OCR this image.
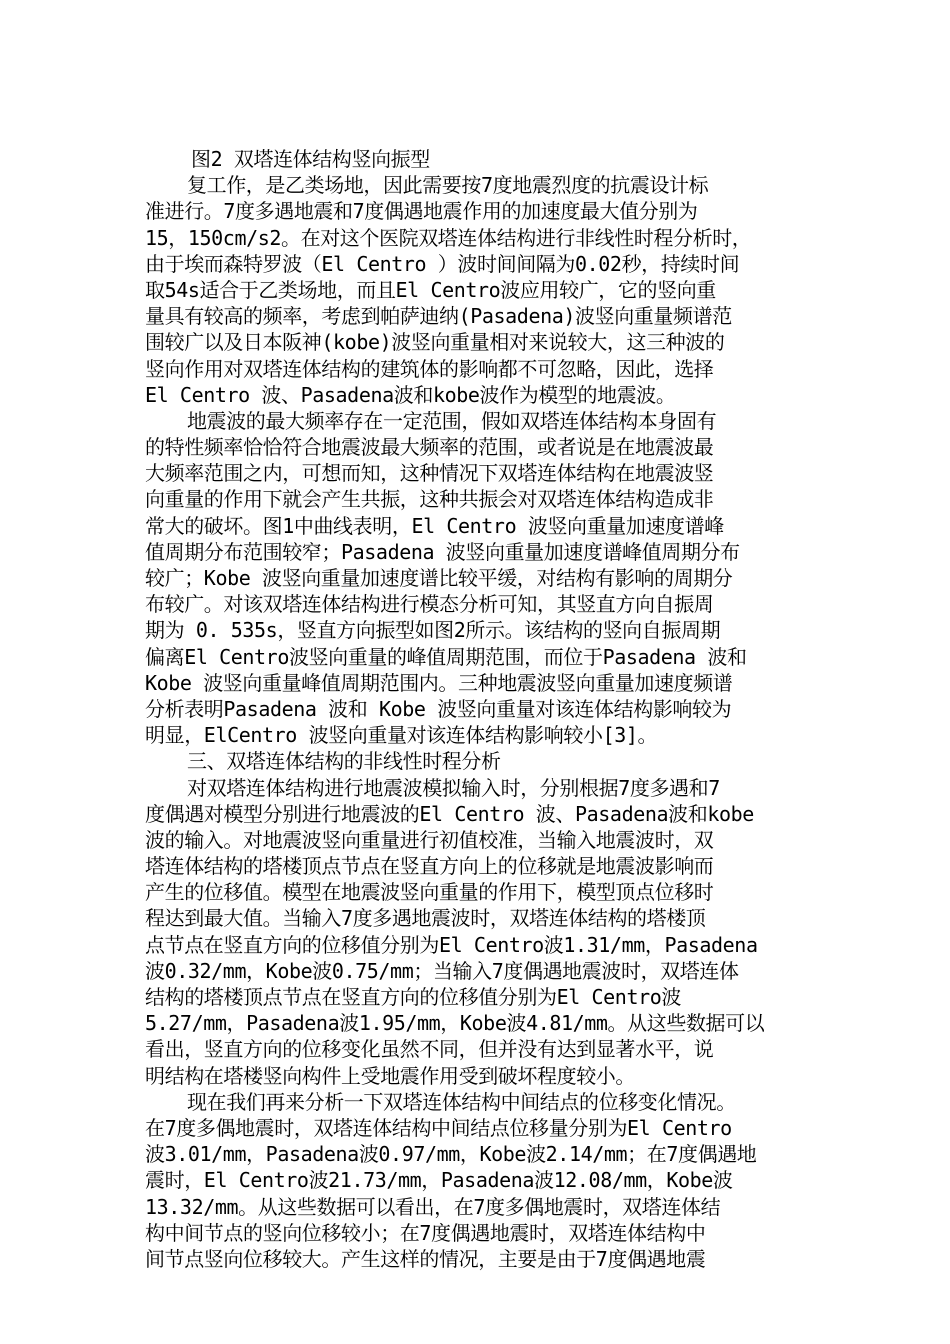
图2 双塔连体结构竖向振型
复工作，是乙类场地，因此需要按7度地震烈度的抗震设计标
准进行。7度多遇地震和7度偶遇地震作用的加速度最大值分别为
15，150cm/s2。在对这个医院双塔连体结构进行非线性时程分析时，
由于埃而森特罗波（El Centro ）波时间间隔为0.02秒，持续时间
取54s适合于乙类场地，而且El Centro波应用较广，它的竖向重
量具有较高的频率，考虑到帕萨迪纳(Pasadena)波竖向重量频谱范
围较广以及日本阪神(kobe)波竖向重量相对来说较大，这三种波的
竖向作用对双塔连体结构的建筑体的影响都不可忽略，因此，选择
El Centro 波、Pasadena波和kobe波作为模型的地震波。
地震波的最大频率存在一定范围，假如双塔连体结构本身固有
的特性频率恰恰符合地震波最大频率的范围，或者说是在地震波最
大频率范围之内，可想而知，这种情况下双塔连体结构在地震波竖
向重量的作用下就会产生共振，这种共振会对双塔连体结构造成非
常大的破坏。图1中曲线表明，El Centro 波竖向重量加速度谱峰
值周期分布范围较窄；Pasadena 波竖向重量加速度谱峰值周期分布
较广；Kobe 波竖向重量加速度谱比较平缓，对结构有影响的周期分
布较广。对该双塔连体结构进行模态分析可知，其竖直方向自振周
期为 0. 535s，竖直方向振型如图2所示。该结构的竖向自振周期
偏离El Centro波竖向重量的峰值周期范围，而位于Pasadena 波和
Kobe 波竖向重量峰值周期范围内。三种地震波竖向重量加速度频谱
分析表明Pasadena 波和 Kobe 波竖向重量对该连体结构影响较为
明显，ElCentro 波竖向重量对该连体结构影响较小[3]。
三、双塔连体结构的非线性时程分析
对双塔连体结构进行地震波模拟输入时，分别根据7度多遇和7
度偶遇对模型分别进行地震波的El Centro 波、Pasadena波和kobe
波的输入。对地震波竖向重量进行初值校准，当输入地震波时，双
塔连体结构的塔楼顶点节点在竖直方向上的位移就是地震波影响而
产生的位移值。模型在地震波竖向重量的作用下，模型顶点位移时
程达到最大值。当输入7度多遇地震波时，双塔连体结构的塔楼顶
点节点在竖直方向的位移值分别为El Centro波1.31/mm，Pasadena
波0.32/mm，Kobe波0.75/mm；当输入7度偶遇地震波时，双塔连体
结构的塔楼顶点节点在竖直方向的位移值分别为El Centro波
5.27/mm，Pasadena波1.95/mm，Kobe波4.81/mm。从这些数据可以
看出，竖直方向的位移变化虽然不同，但并没有达到显著水平，说
明结构在塔楼竖向构件上受地震作用受到破坏程度较小。
现在我们再来分析一下双塔连体结构中间结点的位移变化情况。
在7度多偶地震时，双塔连体结构中间结点位移量分别为El Centro
波3.01/mm，Pasadena波0.97/mm，Kobe波2.14/mm；在7度偶遇地
震时，El Centro波21.73/mm，Pasadena波12.08/mm，Kobe波
13.32/mm。从这些数据可以看出，在7度多偶地震时，双塔连体结
构中间节点的竖向位移较小；在7度偶遇地震时，双塔连体结构中
间节点竖向位移较大。产生这样的情况，主要是由于7度偶遇地震
